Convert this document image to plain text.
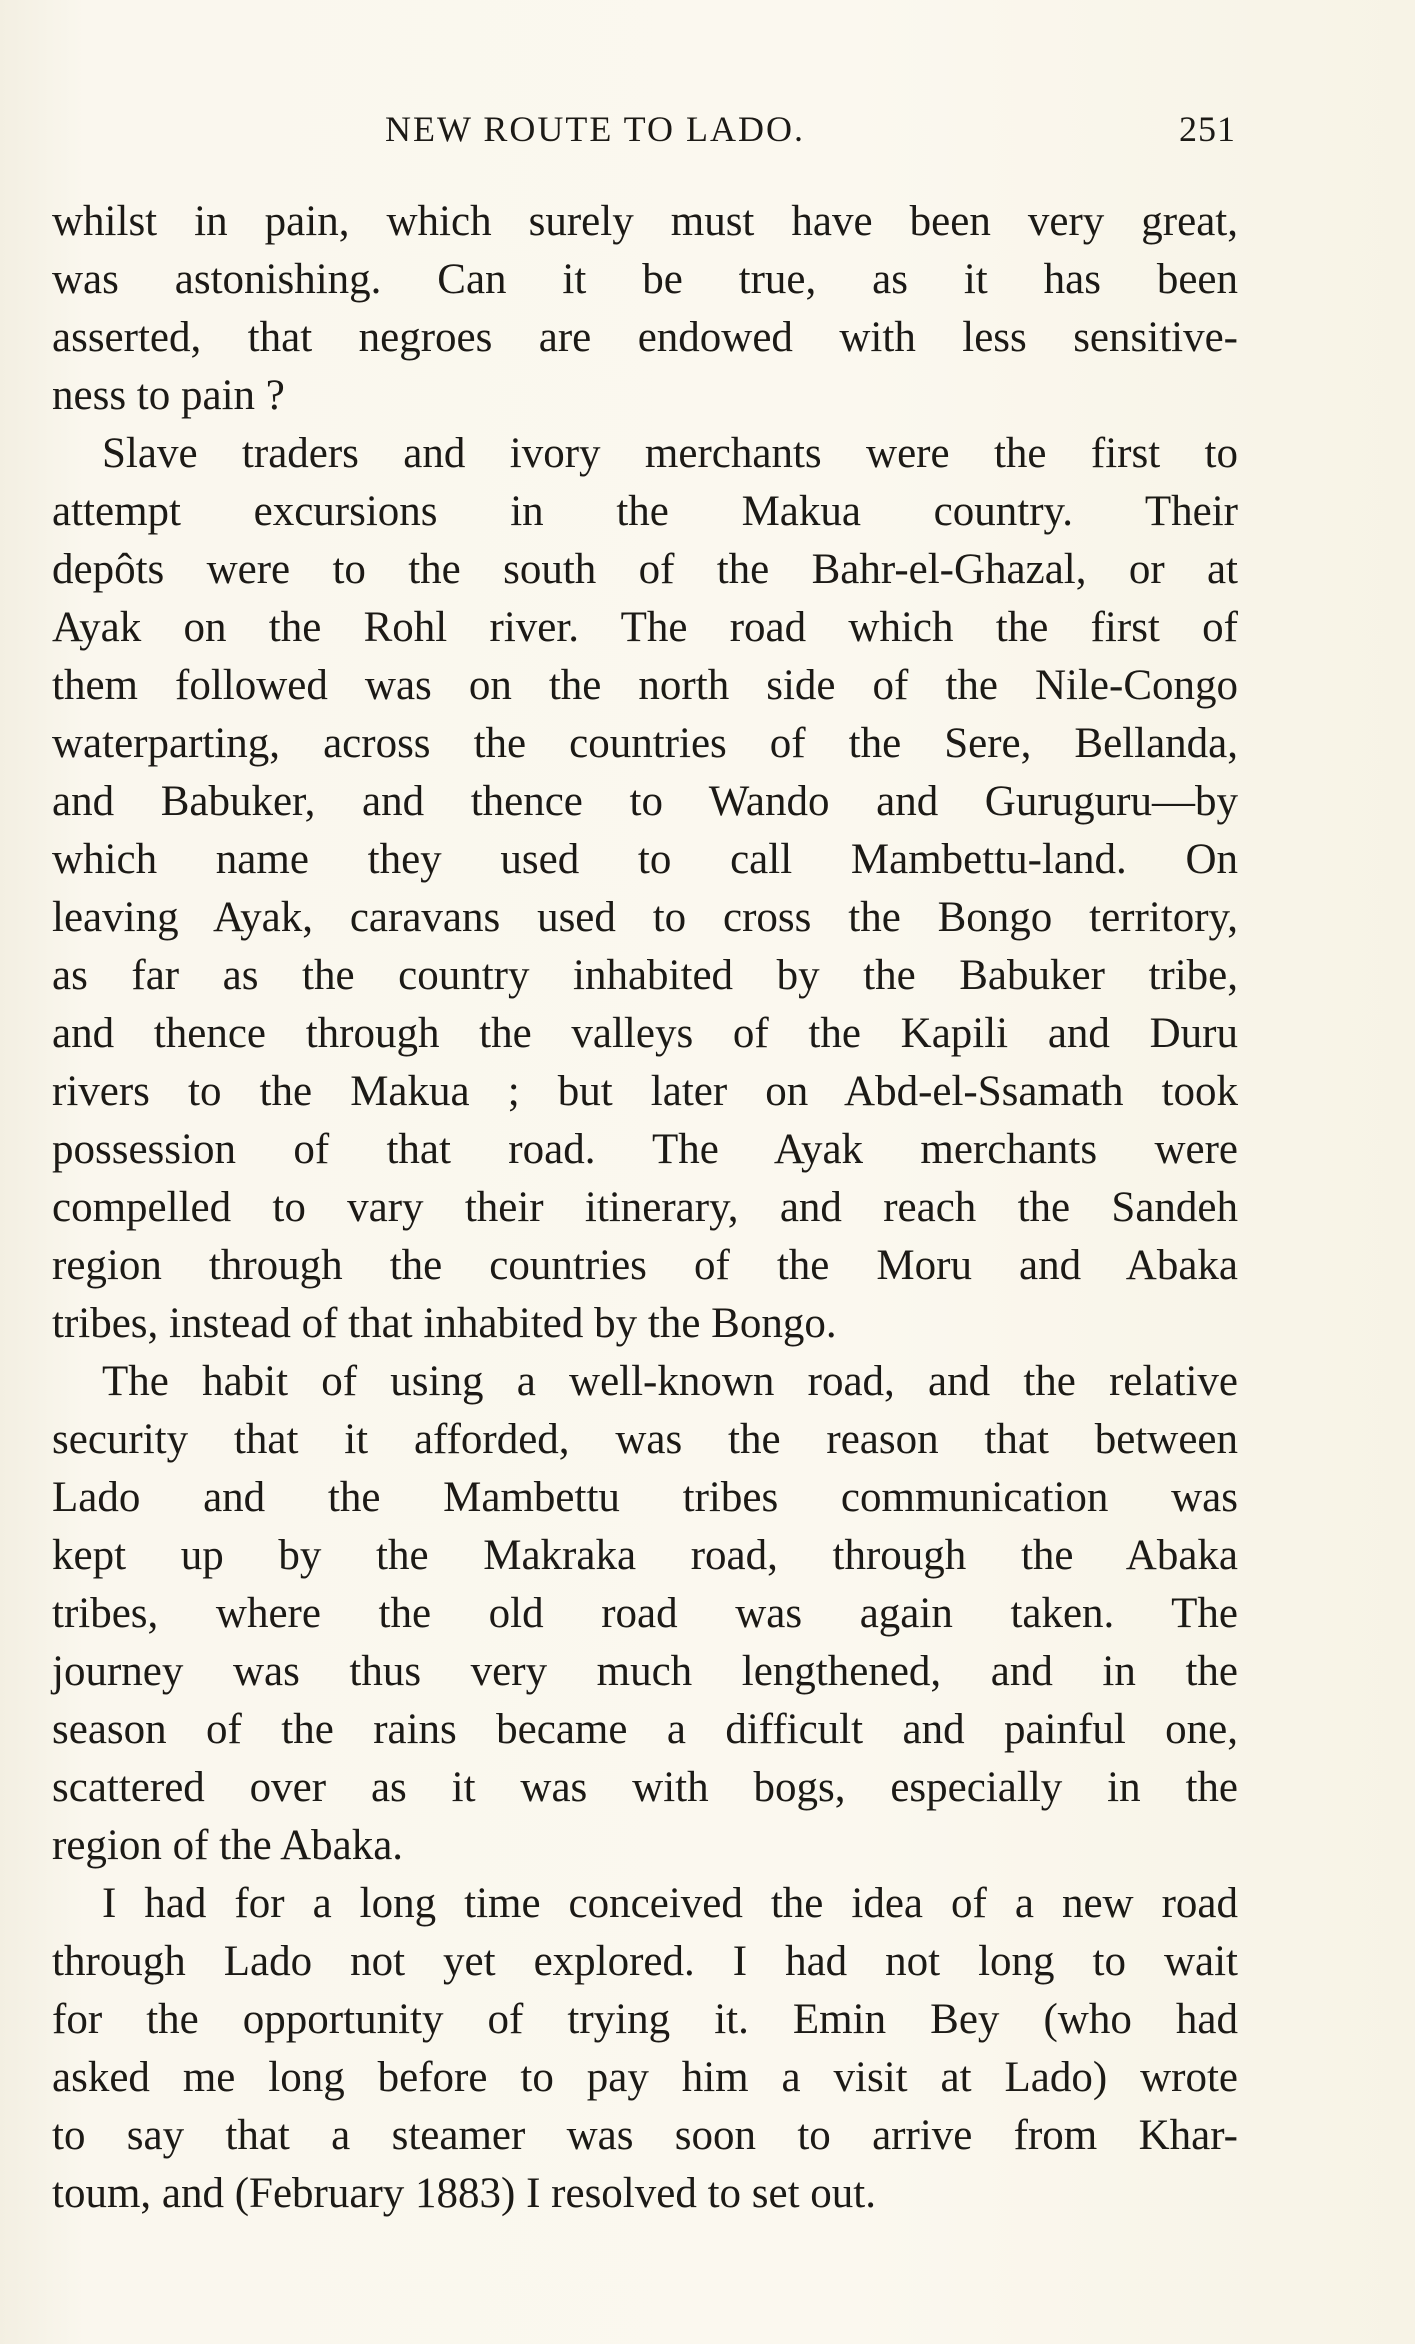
NEW ROUTE TO LADO.	251
whilst in pain, which surely must have been very great,
was astonishing. Can it be true, as it has been
asserted, that negroes are endowed with less sensitive-
ness to pain ?
Slave traders and ivory merchants were the first to
attempt excursions in the Makua country. Their
depôts were to the south of the Bahr-el-Ghazal, or at
Ayak on the Rohl river. The road which the first of
them followed was on the north side of the Nile-Congo
waterparting, across the countries of the Sere, Bellanda,
and Babuker, and thence to Wando and Guruguru—by
which name they used to call Mambettu-land. On
leaving Ayak, caravans used to cross the Bongo territory,
as far as the country inhabited by the Babuker tribe,
and thence through the valleys of the Kapili and Duru
rivers to the Makua ; but later on Abd-el-Ssamath took
possession of that road. The Ayak merchants were
compelled to vary their itinerary, and reach the Sandeh
region through the countries of the Moru and Abaka
tribes, instead of that inhabited by the Bongo.
The habit of using a well-known road, and the relative
security that it afforded, was the reason that between
Lado and the Mambettu tribes communication was
kept up by the Makraka road, through the Abaka
tribes, where the old road was again taken. The
journey was thus very much lengthened, and in the
season of the rains became a difficult and painful one,
scattered over as it was with bogs, especially in the
region of the Abaka.
I had for a long time conceived the idea of a new road
through Lado not yet explored. I had not long to wait
for the opportunity of trying it. Emin Bey (who had
asked me long before to pay him a visit at Lado) wrote
to say that a steamer was soon to arrive from Khar-
toum, and (February 1883) I resolved to set out.
